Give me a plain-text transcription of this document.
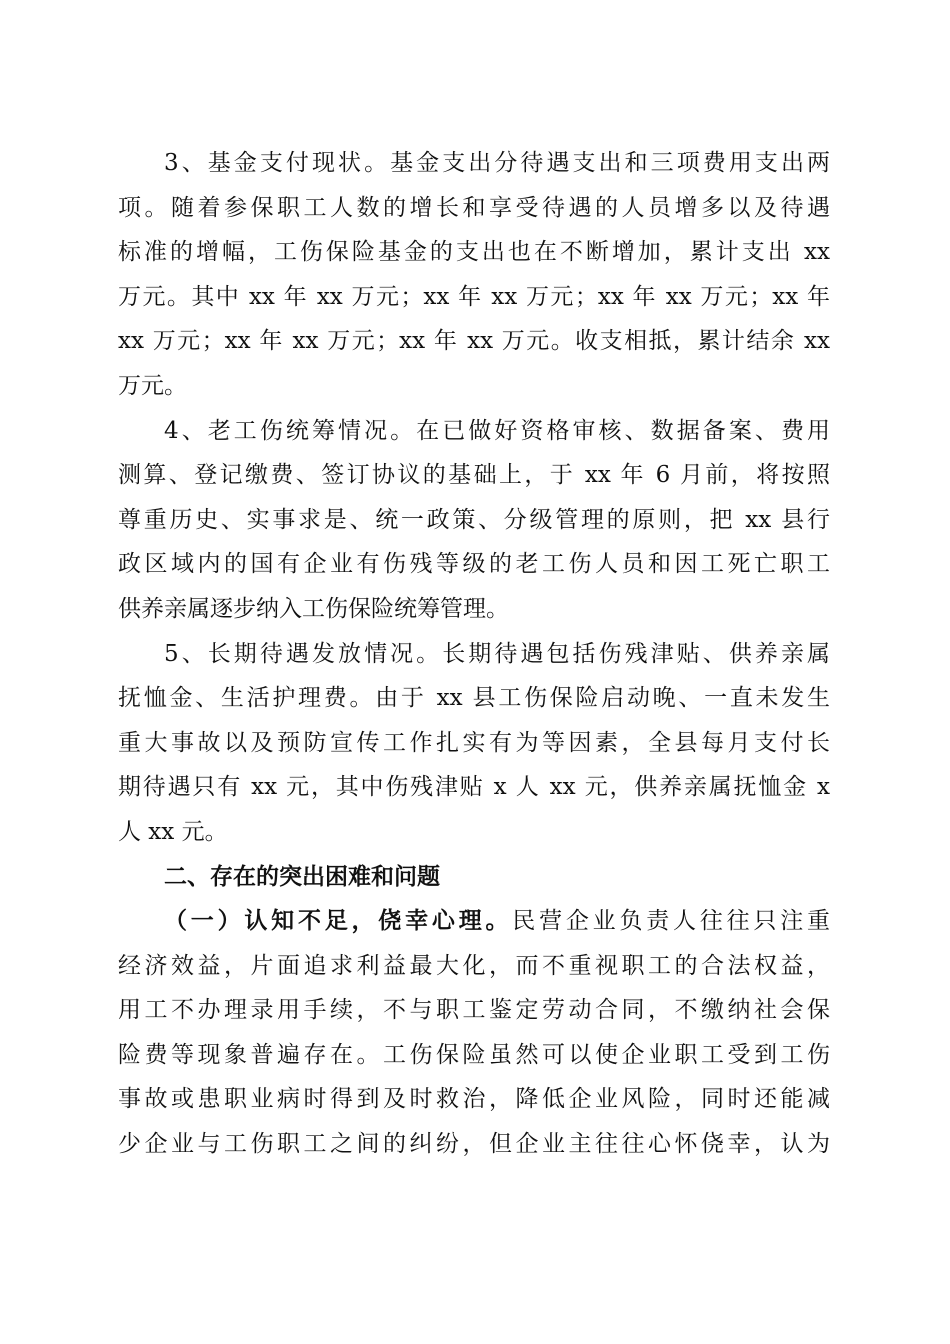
3、基金支付现状。基金支出分待遇支出和三项费用支出两
项。随着参保职工人数的增长和享受待遇的人员增多以及待遇
标准的增幅，工伤保险基金的支出也在不断增加，累计支出 xx
万元。其中 xx 年 xx 万元；xx 年 xx 万元；xx 年 xx 万元；xx 年
xx 万元；xx 年 xx 万元；xx 年 xx 万元。收支相抵，累计结余 xx
万元。
4、老工伤统筹情况。在已做好资格审核、数据备案、费用
测算、登记缴费、签订协议的基础上，于 xx 年 6 月前，将按照
尊重历史、实事求是、统一政策、分级管理的原则，把 xx 县行
政区域内的国有企业有伤残等级的老工伤人员和因工死亡职工
供养亲属逐步纳入工伤保险统筹管理。
5、长期待遇发放情况。长期待遇包括伤残津贴、供养亲属
抚恤金、生活护理费。由于 xx 县工伤保险启动晚、一直未发生
重大事故以及预防宣传工作扎实有为等因素，全县每月支付长
期待遇只有 xx 元，其中伤残津贴 x 人 xx 元，供养亲属抚恤金 x
人 xx 元。
二、存在的突出困难和问题
（一）认知不足，侥幸心理。民营企业负责人往往只注重
经济效益，片面追求利益最大化，而不重视职工的合法权益，
用工不办理录用手续，不与职工鉴定劳动合同，不缴纳社会保
险费等现象普遍存在。工伤保险虽然可以使企业职工受到工伤
事故或患职业病时得到及时救治，降低企业风险，同时还能减
少企业与工伤职工之间的纠纷，但企业主往往心怀侥幸，认为
